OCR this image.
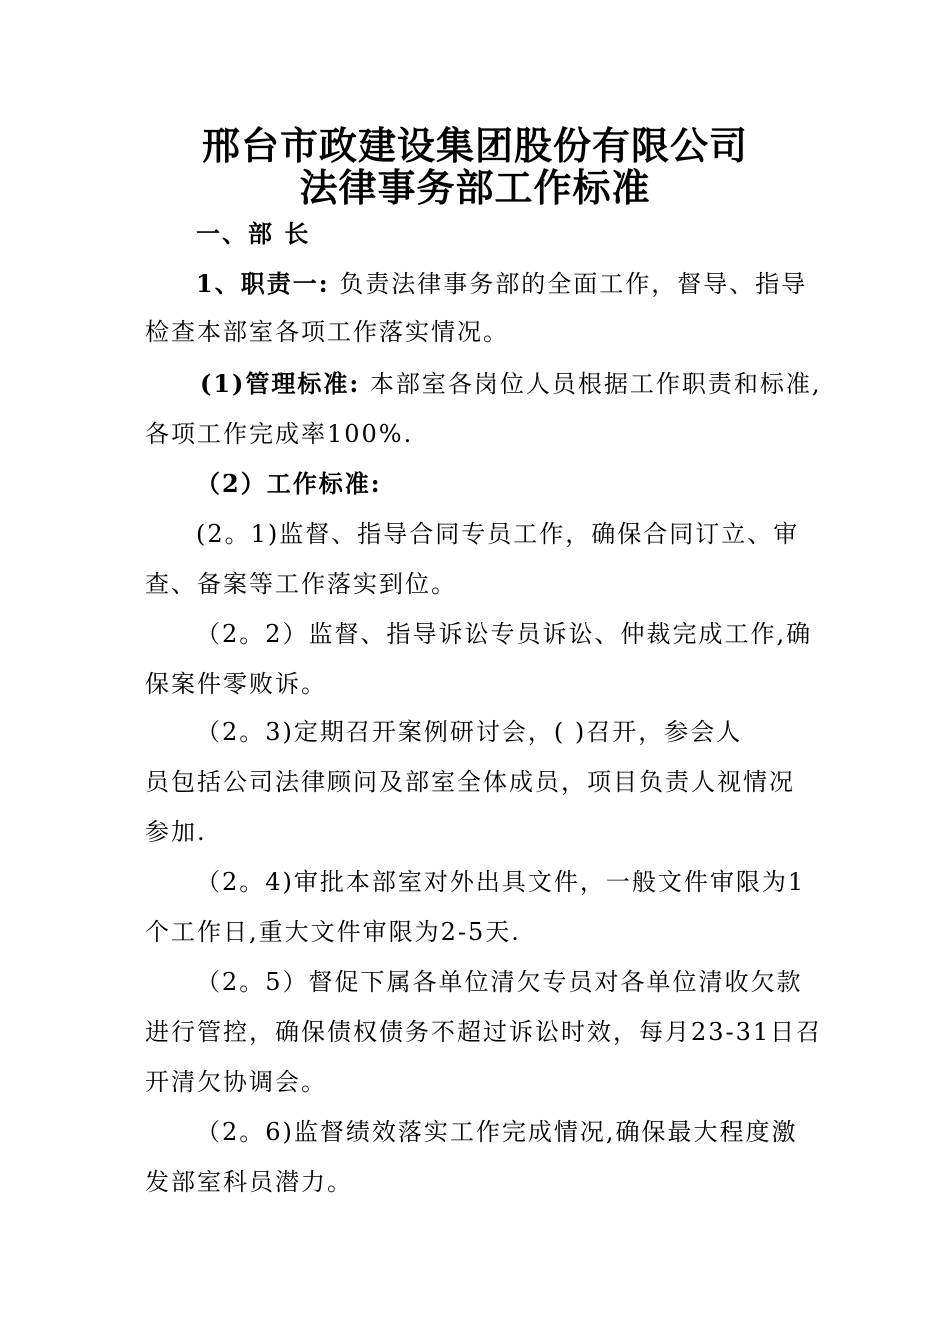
邢台市政建设集团股份有限公司
法律事务部工作标准
一、部 长
1、职责一: 负责法律事务部的全面工作，督导、指导
检查本部室各项工作落实情况。
(1)管理标准: 本部室各岗位人员根据工作职责和标准,
各项工作完成率100%.
（2）工作标准:
(2。1)监督、指导合同专员工作，确保合同订立、审
查、备案等工作落实到位。
（2。2）监督、指导诉讼专员诉讼、仲裁完成工作,确
保案件零败诉。
（2。3)定期召开案例研讨会，( )召开，参会人
员包括公司法律顾问及部室全体成员，项目负责人视情况
参加.
（2。4)审批本部室对外出具文件，一般文件审限为1
个工作日,重大文件审限为2-5天.
（2。5）督促下属各单位清欠专员对各单位清收欠款
进行管控，确保债权债务不超过诉讼时效，每月23-31日召
开清欠协调会。
（2。6)监督绩效落实工作完成情况,确保最大程度激
发部室科员潜力。
